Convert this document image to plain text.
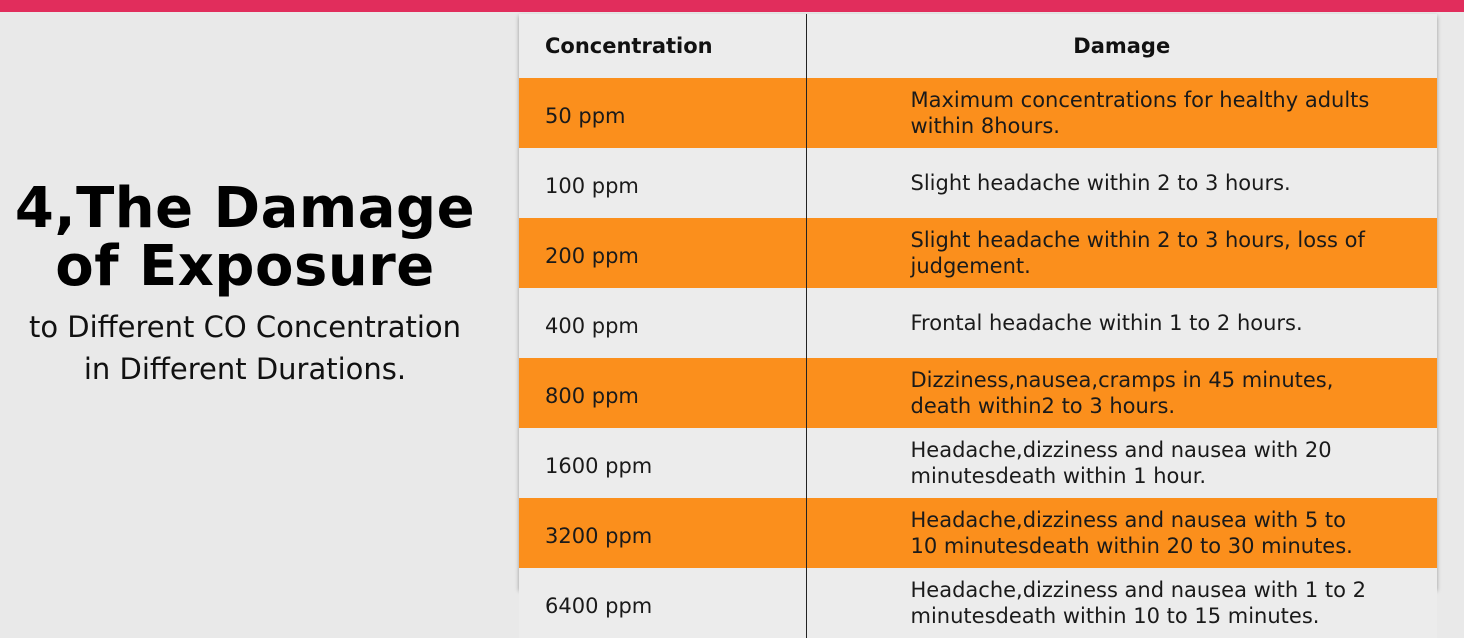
4,The Damage
of Exposure

to Different CO Concentration
in Different Durations.

Concentration	Damage
50 ppm	Maximum concentrations for healthy adults within 8hours.
100 ppm	Slight headache within 2 to 3 hours.
200 ppm	Slight headache within 2 to 3 hours, loss of judgement.
400 ppm	Frontal headache within 1 to 2 hours.
800 ppm	Dizziness,nausea,cramps in 45 minutes, death within2 to 3 hours.
1600 ppm	Headache,dizziness and nausea with 20 minutesdeath within 1 hour.
3200 ppm	Headache,dizziness and nausea with 5 to 10 minutesdeath within 20 to 30 minutes.
6400 ppm	Headache,dizziness and nausea with 1 to 2 minutesdeath within 10 to 15 minutes.
